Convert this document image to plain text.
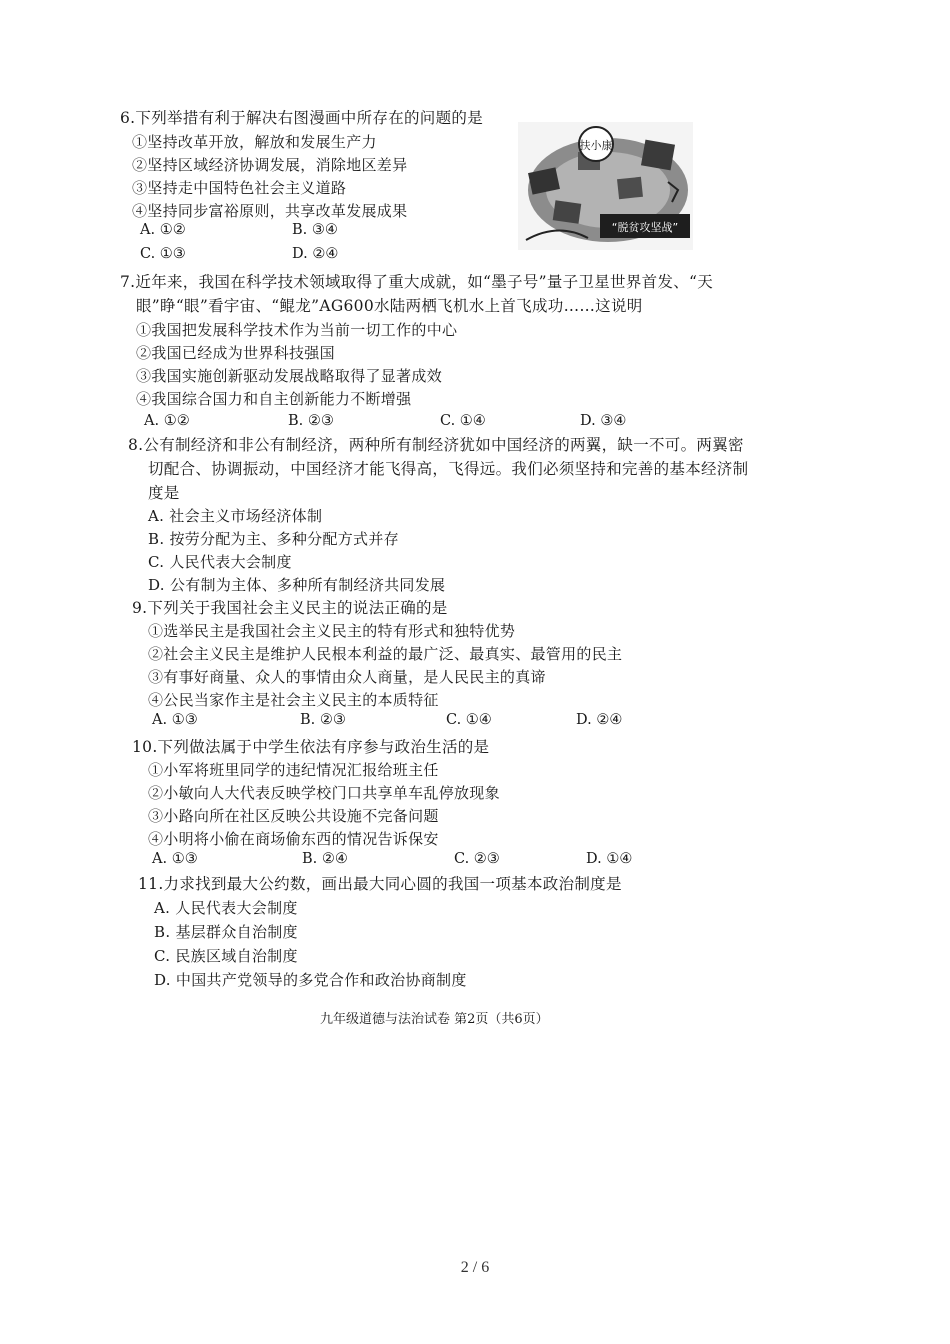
6.下列举措有利于解决右图漫画中所存在的问题的是
①坚持改革开放，解放和发展生产力
②坚持区域经济协调发展，消除地区差异
③坚持走中国特色社会主义道路
④坚持同步富裕原则，共享改革发展成果
A. ①②	B. ③④
C. ①③	D. ②④
扶小康
“脱贫攻坚战”
7.近年来，我国在科学技术领域取得了重大成就，如“墨子号”量子卫星世界首发、“天
眼”睁“眼”看宇宙、“鲲龙”AG600水陆两栖飞机水上首飞成功……这说明
①我国把发展科学技术作为当前一切工作的中心
②我国已经成为世界科技强国
③我国实施创新驱动发展战略取得了显著成效
④我国综合国力和自主创新能力不断增强
A. ①②	B. ②③	C. ①④	D. ③④
8.公有制经济和非公有制经济，两种所有制经济犹如中国经济的两翼，缺一不可。两翼密
切配合、协调振动，中国经济才能飞得高，飞得远。我们必须坚持和完善的基本经济制
度是
A. 社会主义市场经济体制
B. 按劳分配为主、多种分配方式并存
C. 人民代表大会制度
D. 公有制为主体、多种所有制经济共同发展
9.下列关于我国社会主义民主的说法正确的是
①选举民主是我国社会主义民主的特有形式和独特优势
②社会主义民主是维护人民根本利益的最广泛、最真实、最管用的民主
③有事好商量、众人的事情由众人商量，是人民民主的真谛
④公民当家作主是社会主义民主的本质特征
A. ①③	B. ②③	C. ①④	D. ②④
10.下列做法属于中学生依法有序参与政治生活的是
①小军将班里同学的违纪情况汇报给班主任
②小敏向人大代表反映学校门口共享单车乱停放现象
③小路向所在社区反映公共设施不完备问题
④小明将小偷在商场偷东西的情况告诉保安
A. ①③	B. ②④	C. ②③	D. ①④
11.力求找到最大公约数，画出最大同心圆的我国一项基本政治制度是
A. 人民代表大会制度
B. 基层群众自治制度
C. 民族区域自治制度
D. 中国共产党领导的多党合作和政治协商制度
九年级道德与法治试卷 第2页（共6页）
2 / 6
